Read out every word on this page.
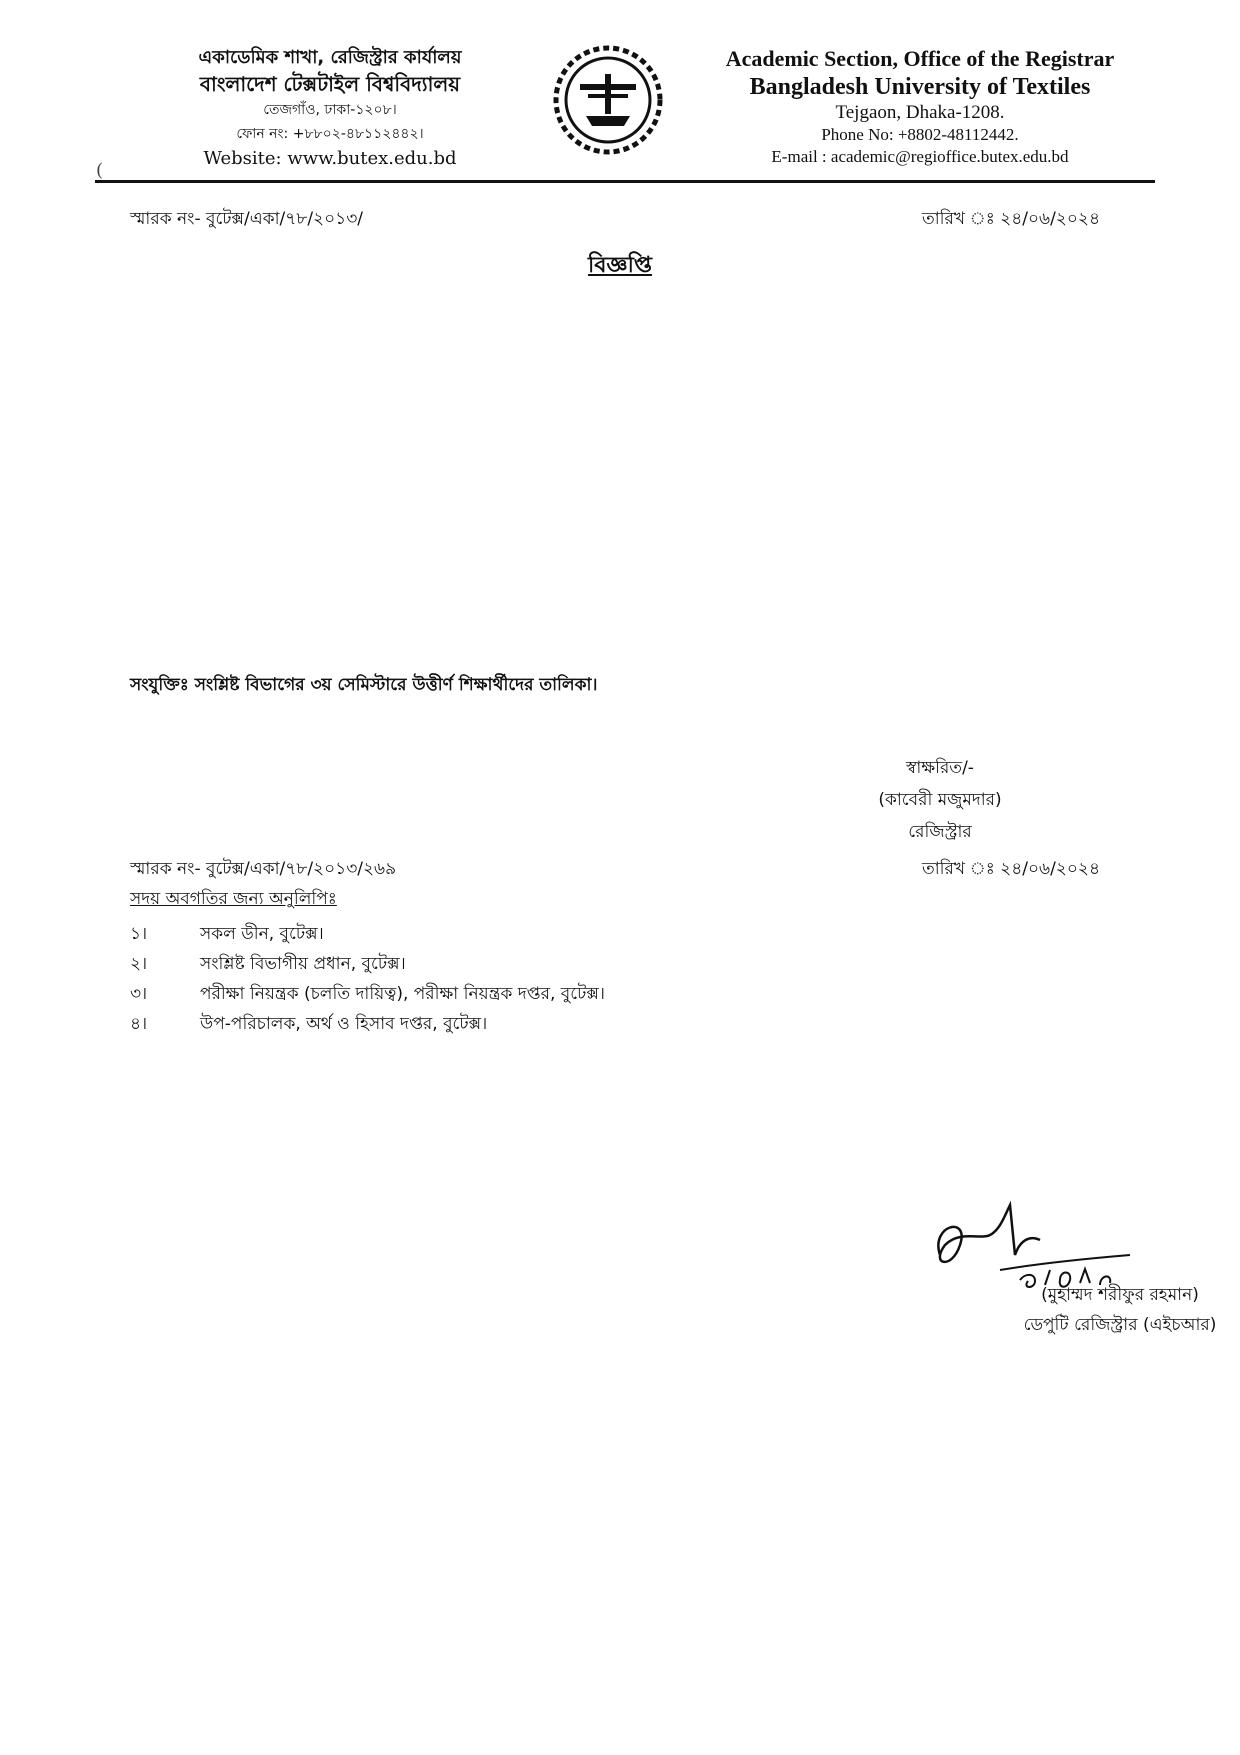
একাডেমিক শাখা, রেজিস্ট্রার কার্যালয়
বাংলাদেশ টেক্সটাইল বিশ্ববিদ্যালয়
তেজগাঁও, ঢাকা-১২০৮।
ফোন নং: +৮৮০২-৪৮১১২৪৪২।
Website: www.butex.edu.bd
Academic Section, Office of the Registrar
Bangladesh University of Textiles
Tejgaon, Dhaka-1208.
Phone No: +8802-48112442.
E-mail : academic@regioffice.butex.edu.bd
(
স্মারক নং- বুটেক্স/একা/৭৮/২০১৩/	তারিখ ঃ ২৪/০৬/২০২৪
বিজ্ঞপ্তি
সংযুক্তিঃ সংশ্লিষ্ট বিভাগের ৩য় সেমিস্টারে উত্তীর্ণ শিক্ষার্থীদের তালিকা।
স্বাক্ষরিত/-
(কাবেরী মজুমদার)
রেজিস্ট্রার
স্মারক নং- বুটেক্স/একা/৭৮/২০১৩/২৬৯	তারিখ ঃ ২৪/০৬/২০২৪
সদয় অবগতির জন্য অনুলিপিঃ
১।	সকল ডীন, বুটেক্স।
২।	সংশ্লিষ্ট বিভাগীয় প্রধান, বুটেক্স।
৩।	পরীক্ষা নিয়ন্ত্রক (চলতি দায়িত্ব), পরীক্ষা নিয়ন্ত্রক দপ্তর, বুটেক্স।
৪।	উপ-পরিচালক, অর্থ ও হিসাব দপ্তর, বুটেক্স।
(মুহাম্মদ শরীফুর রহমান)
ডেপুটি রেজিস্ট্রার (এইচআর)
